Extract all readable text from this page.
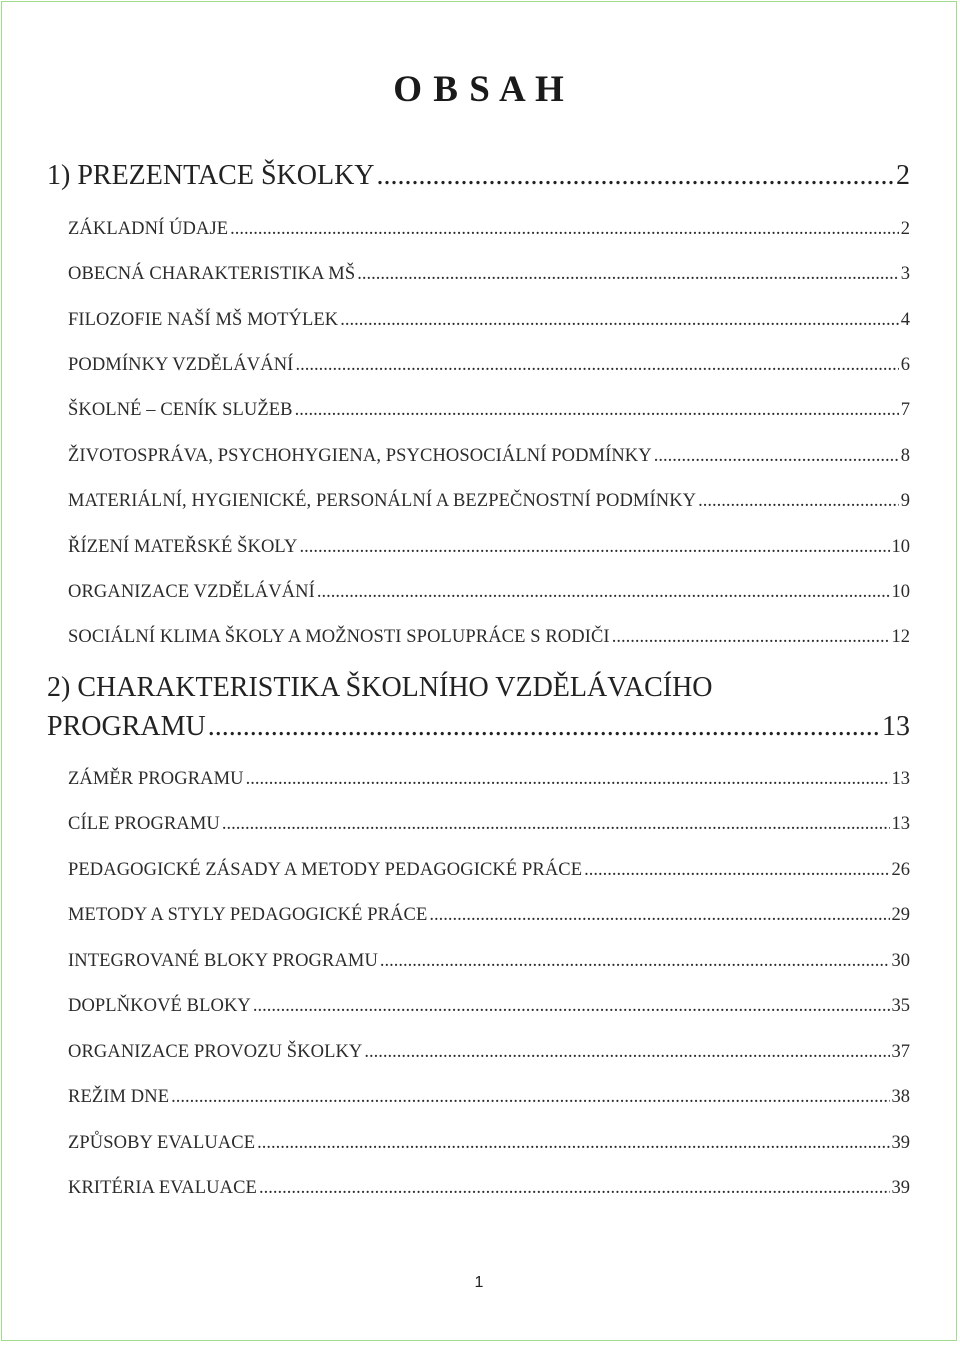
O B S A H
1) PREZENTACE ŠKOLKY .....	2
ZÁKLADNÍ ÚDAJE .....	2
OBECNÁ CHARAKTERISTIKA MŠ .....	3
FILOZOFIE NAŠÍ MŠ MOTÝLEK .....	4
PODMÍNKY VZDĚLÁVÁNÍ .....	6
ŠKOLNÉ – CENÍK SLUŽEB .....	7
ŽIVOTOSPRÁVA, PSYCHOHYGIENA, PSYCHOSOCIÁLNÍ PODMÍNKY .....	8
MATERIÁLNÍ, HYGIENICKÉ, PERSONÁLNÍ A BEZPEČNOSTNÍ PODMÍNKY .....	9
ŘÍZENÍ MATEŘSKÉ ŠKOLY .....	10
ORGANIZACE VZDĚLÁVÁNÍ .....	10
SOCIÁLNÍ KLIMA ŠKOLY A MOŽNOSTI SPOLUPRÁCE S RODIČI .....	12
2) CHARAKTERISTIKA ŠKOLNÍHO VZDĚLÁVACÍHO
PROGRAMU .....	13
ZÁMĚR PROGRAMU .....	13
CÍLE PROGRAMU .....	13
PEDAGOGICKÉ ZÁSADY A METODY PEDAGOGICKÉ PRÁCE .....	26
METODY A STYLY PEDAGOGICKÉ PRÁCE .....	29
INTEGROVANÉ BLOKY PROGRAMU .....	30
DOPLŇKOVÉ BLOKY .....	35
ORGANIZACE PROVOZU ŠKOLKY .....	37
REŽIM DNE .....	38
ZPŮSOBY EVALUACE .....	39
KRITÉRIA EVALUACE .....	39
1
